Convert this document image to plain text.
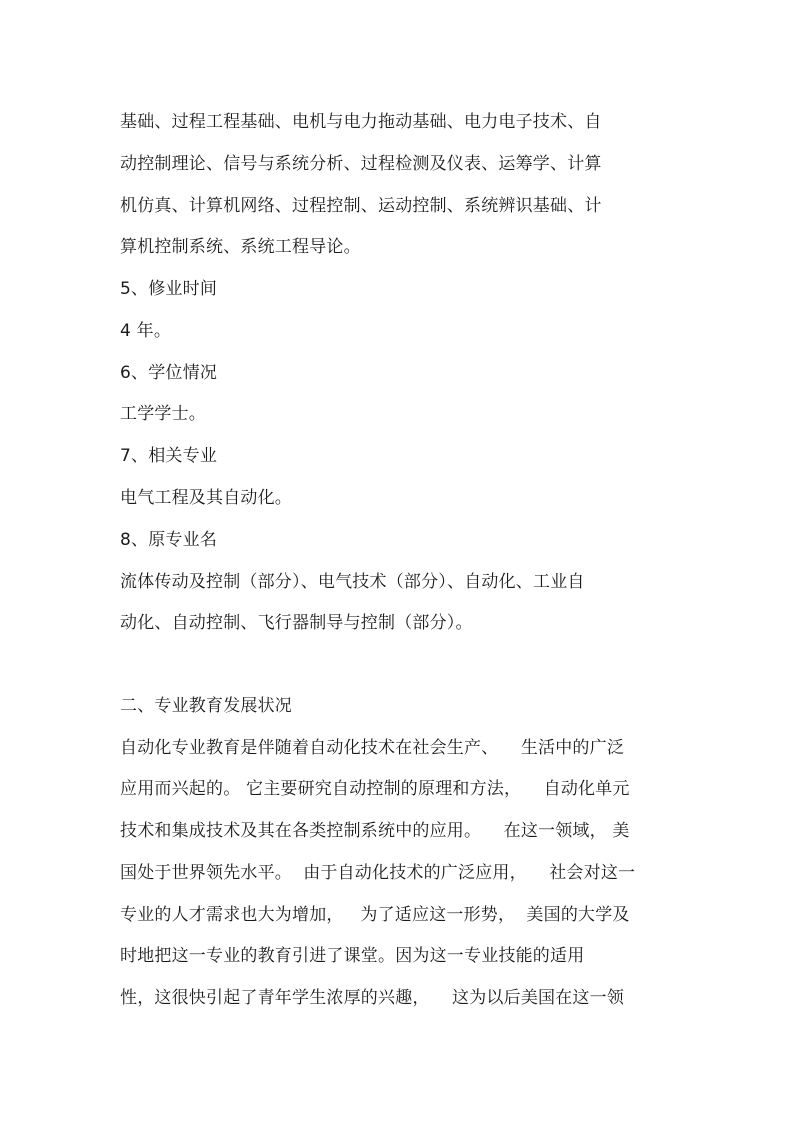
基础、过程工程基础、电机与电力拖动基础、电力电子技术、自
动控制理论、信号与系统分析、过程检测及仪表、运筹学、计算
机仿真、计算机网络、过程控制、运动控制、系统辨识基础、计
算机控制系统、系统工程导论。
5、修业时间
4 年。
6、学位情况
工学学士。
7、相关专业
电气工程及其自动化。
8、原专业名
流体传动及控制（部分）、电气技术（部分）、自动化、工业自
动化、自动控制、飞行器制导与控制（部分）。
二、专业教育发展状况
自动化专业教育是伴随着自动化技术在社会生产、    生活中的广泛
应用而兴起的。 它主要研究自动控制的原理和方法，    自动化单元
技术和集成技术及其在各类控制系统中的应用。    在这一领域， 美
国处于世界领先水平。  由于自动化技术的广泛应用，    社会对这一
专业的人才需求也大为增加，   为了适应这一形势，  美国的大学及
时地把这一专业的教育引进了课堂。因为这一专业技能的适用
性，这很快引起了青年学生浓厚的兴趣，    这为以后美国在这一领
